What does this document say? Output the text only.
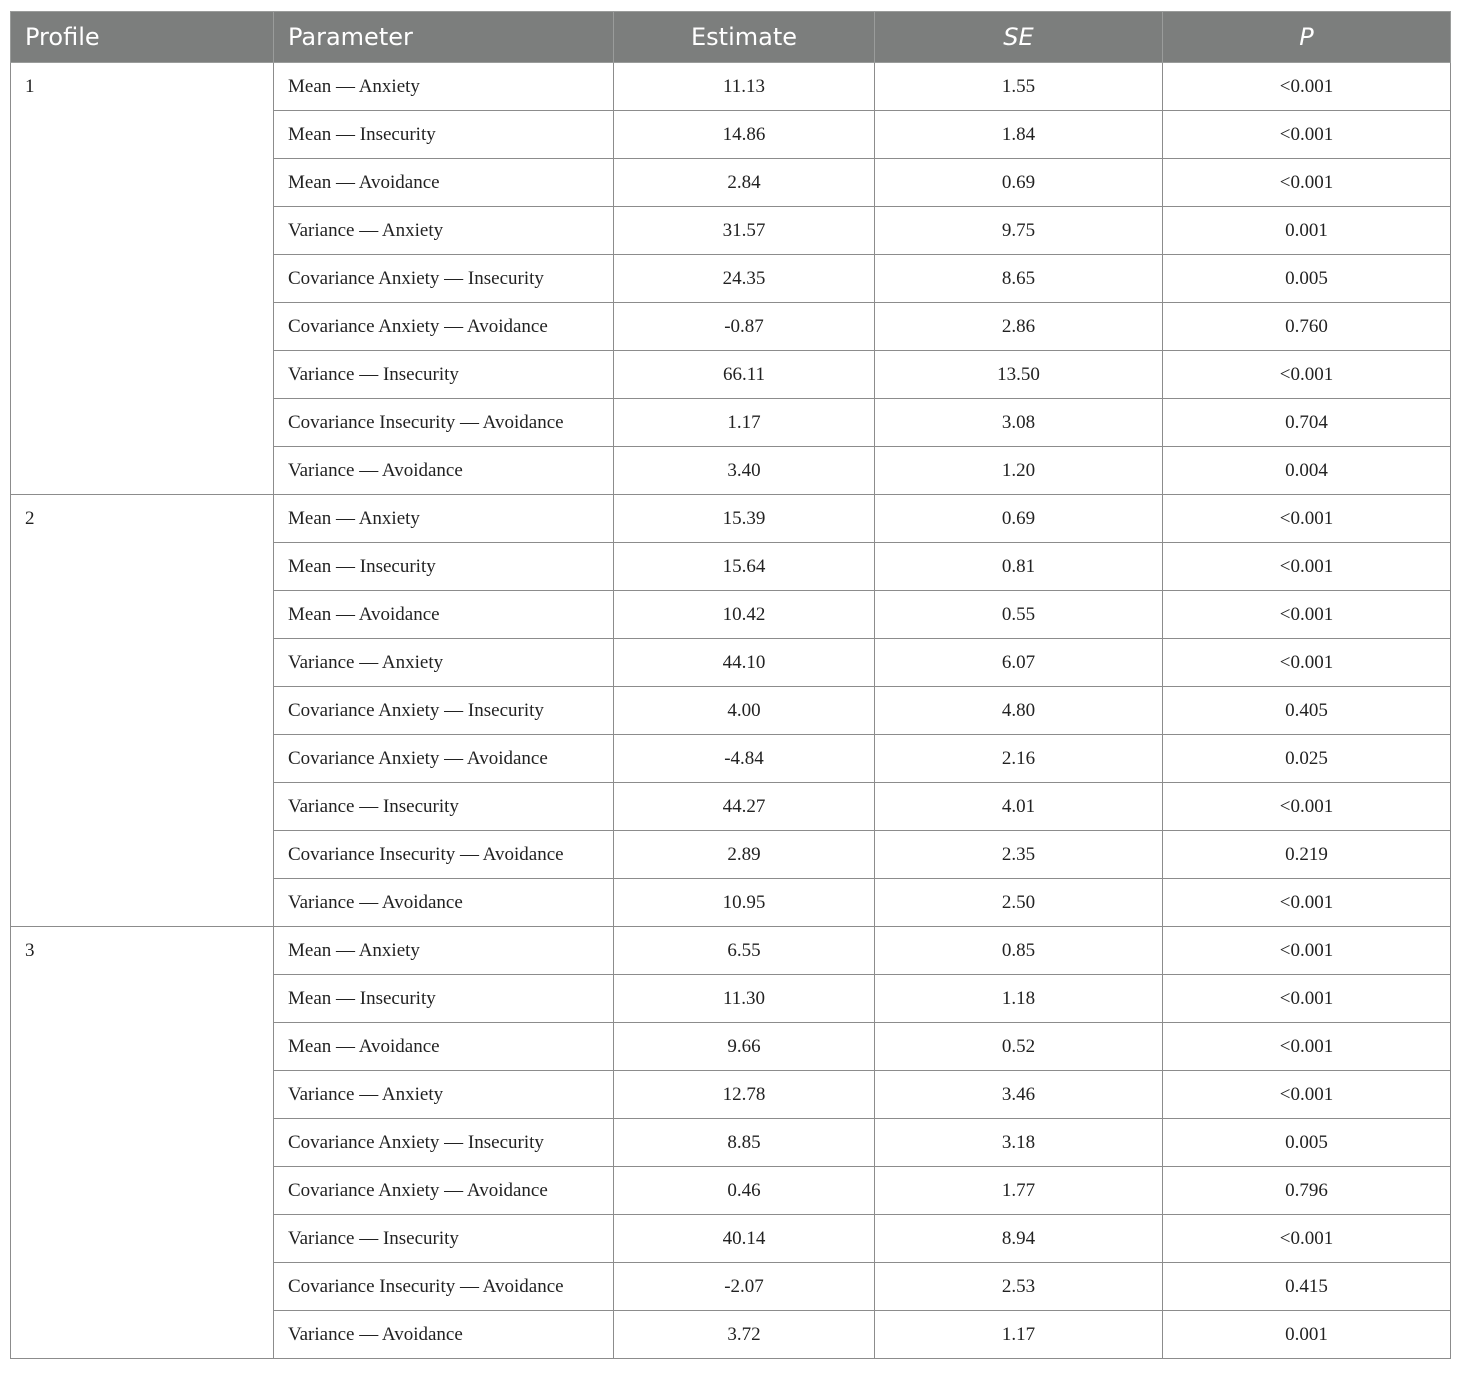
Profile	Parameter	Estimate	SE	P
1	Mean — Anxiety	11.13	1.55	<0.001
	Mean — Insecurity	14.86	1.84	<0.001
	Mean — Avoidance	2.84	0.69	<0.001
	Variance — Anxiety	31.57	9.75	0.001
	Covariance Anxiety — Insecurity	24.35	8.65	0.005
	Covariance Anxiety — Avoidance	-0.87	2.86	0.760
	Variance — Insecurity	66.11	13.50	<0.001
	Covariance Insecurity — Avoidance	1.17	3.08	0.704
	Variance — Avoidance	3.40	1.20	0.004
2	Mean — Anxiety	15.39	0.69	<0.001
	Mean — Insecurity	15.64	0.81	<0.001
	Mean — Avoidance	10.42	0.55	<0.001
	Variance — Anxiety	44.10	6.07	<0.001
	Covariance Anxiety — Insecurity	4.00	4.80	0.405
	Covariance Anxiety — Avoidance	-4.84	2.16	0.025
	Variance — Insecurity	44.27	4.01	<0.001
	Covariance Insecurity — Avoidance	2.89	2.35	0.219
	Variance — Avoidance	10.95	2.50	<0.001
3	Mean — Anxiety	6.55	0.85	<0.001
	Mean — Insecurity	11.30	1.18	<0.001
	Mean — Avoidance	9.66	0.52	<0.001
	Variance — Anxiety	12.78	3.46	<0.001
	Covariance Anxiety — Insecurity	8.85	3.18	0.005
	Covariance Anxiety — Avoidance	0.46	1.77	0.796
	Variance — Insecurity	40.14	8.94	<0.001
	Covariance Insecurity — Avoidance	-2.07	2.53	0.415
	Variance — Avoidance	3.72	1.17	0.001
